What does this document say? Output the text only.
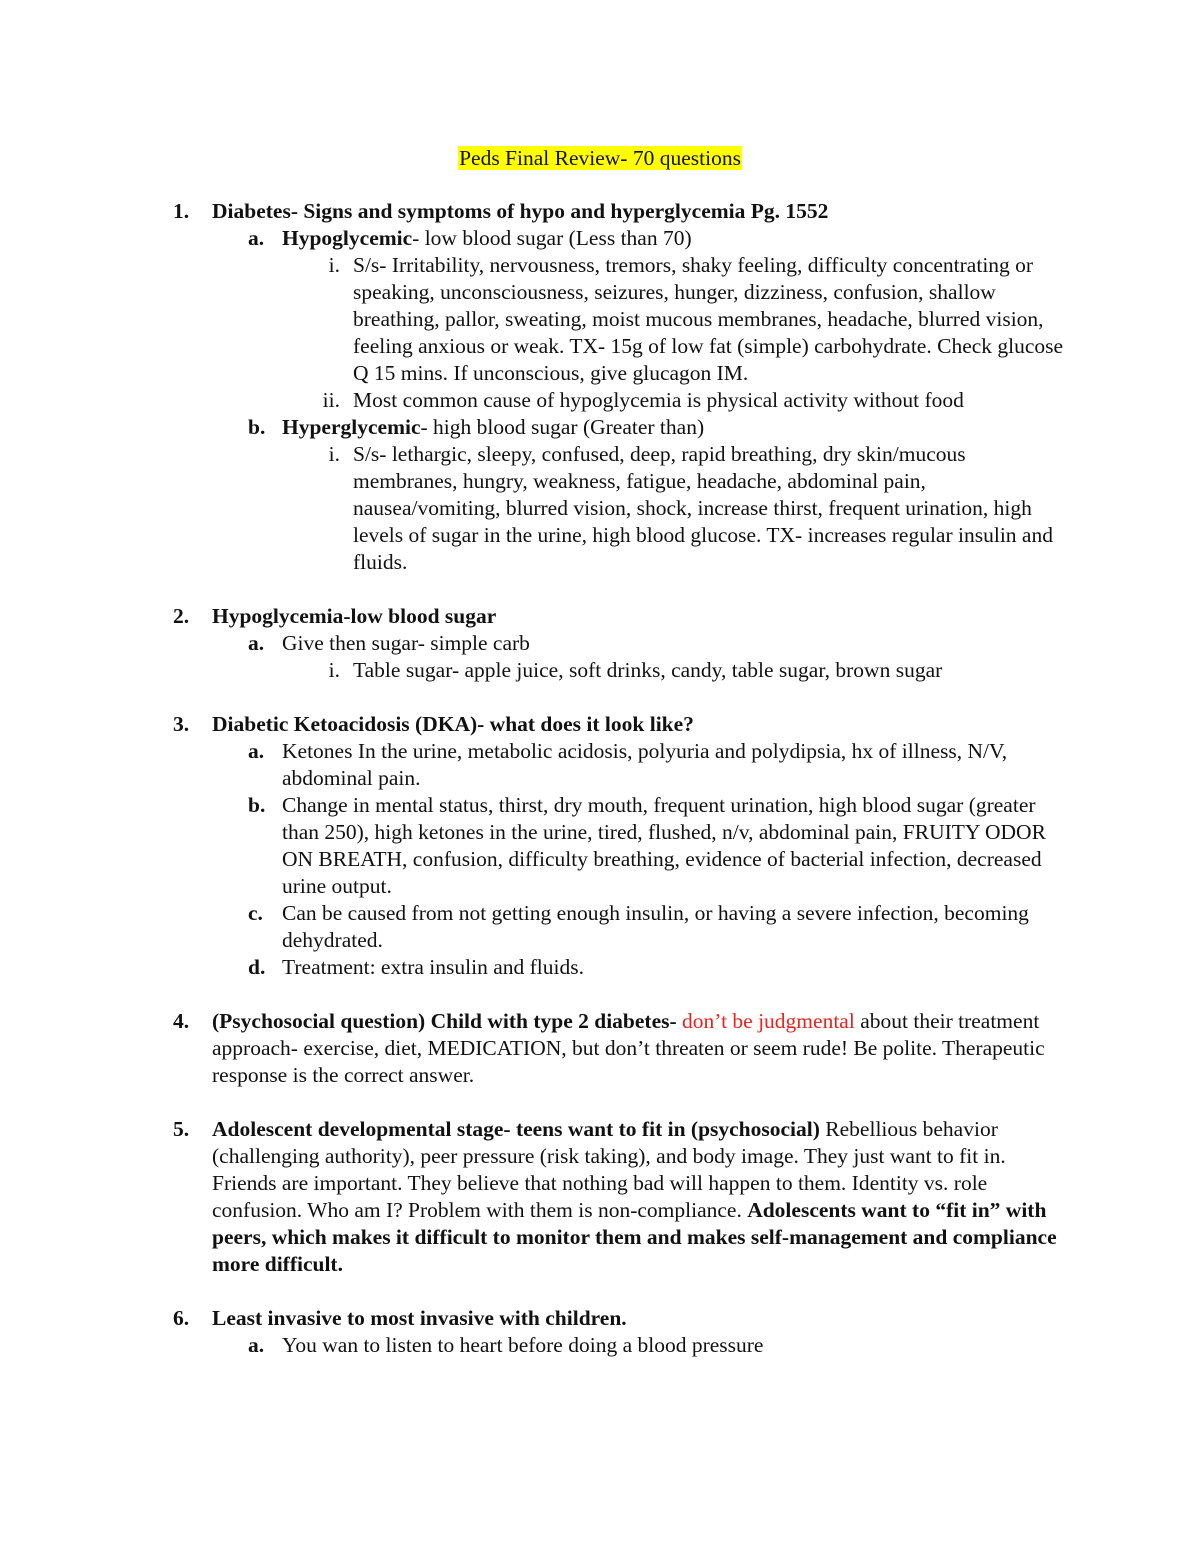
Peds Final Review- 70 questions
1. Diabetes- Signs and symptoms of hypo and hyperglycemia Pg. 1552
a. Hypoglycemic- low blood sugar (Less than 70)
i. S/s- Irritability, nervousness, tremors, shaky feeling, difficulty concentrating or speaking, unconsciousness, seizures, hunger, dizziness, confusion, shallow breathing, pallor, sweating, moist mucous membranes, headache, blurred vision, feeling anxious or weak. TX- 15g of low fat (simple) carbohydrate. Check glucose Q 15 mins. If unconscious, give glucagon IM.
ii. Most common cause of hypoglycemia is physical activity without food
b. Hyperglycemic- high blood sugar (Greater than)
i. S/s- lethargic, sleepy, confused, deep, rapid breathing, dry skin/mucous membranes, hungry, weakness, fatigue, headache, abdominal pain, nausea/vomiting, blurred vision, shock, increase thirst, frequent urination, high levels of sugar in the urine, high blood glucose. TX- increases regular insulin and fluids.
2. Hypoglycemia-low blood sugar
a. Give then sugar- simple carb
i. Table sugar- apple juice, soft drinks, candy, table sugar, brown sugar
3. Diabetic Ketoacidosis (DKA)- what does it look like?
a. Ketones In the urine, metabolic acidosis, polyuria and polydipsia, hx of illness, N/V, abdominal pain.
b. Change in mental status, thirst, dry mouth, frequent urination, high blood sugar (greater than 250), high ketones in the urine, tired, flushed, n/v, abdominal pain, FRUITY ODOR ON BREATH, confusion, difficulty breathing, evidence of bacterial infection, decreased urine output.
c. Can be caused from not getting enough insulin, or having a severe infection, becoming dehydrated.
d. Treatment: extra insulin and fluids.
4. (Psychosocial question) Child with type 2 diabetes- don’t be judgmental about their treatment approach- exercise, diet, MEDICATION, but don’t threaten or seem rude! Be polite. Therapeutic response is the correct answer.
5. Adolescent developmental stage- teens want to fit in (psychosocial) Rebellious behavior (challenging authority), peer pressure (risk taking), and body image. They just want to fit in. Friends are important. They believe that nothing bad will happen to them. Identity vs. role confusion. Who am I? Problem with them is non-compliance. Adolescents want to “fit in” with peers, which makes it difficult to monitor them and makes self-management and compliance more difficult.
6. Least invasive to most invasive with children.
a. You wan to listen to heart before doing a blood pressure
